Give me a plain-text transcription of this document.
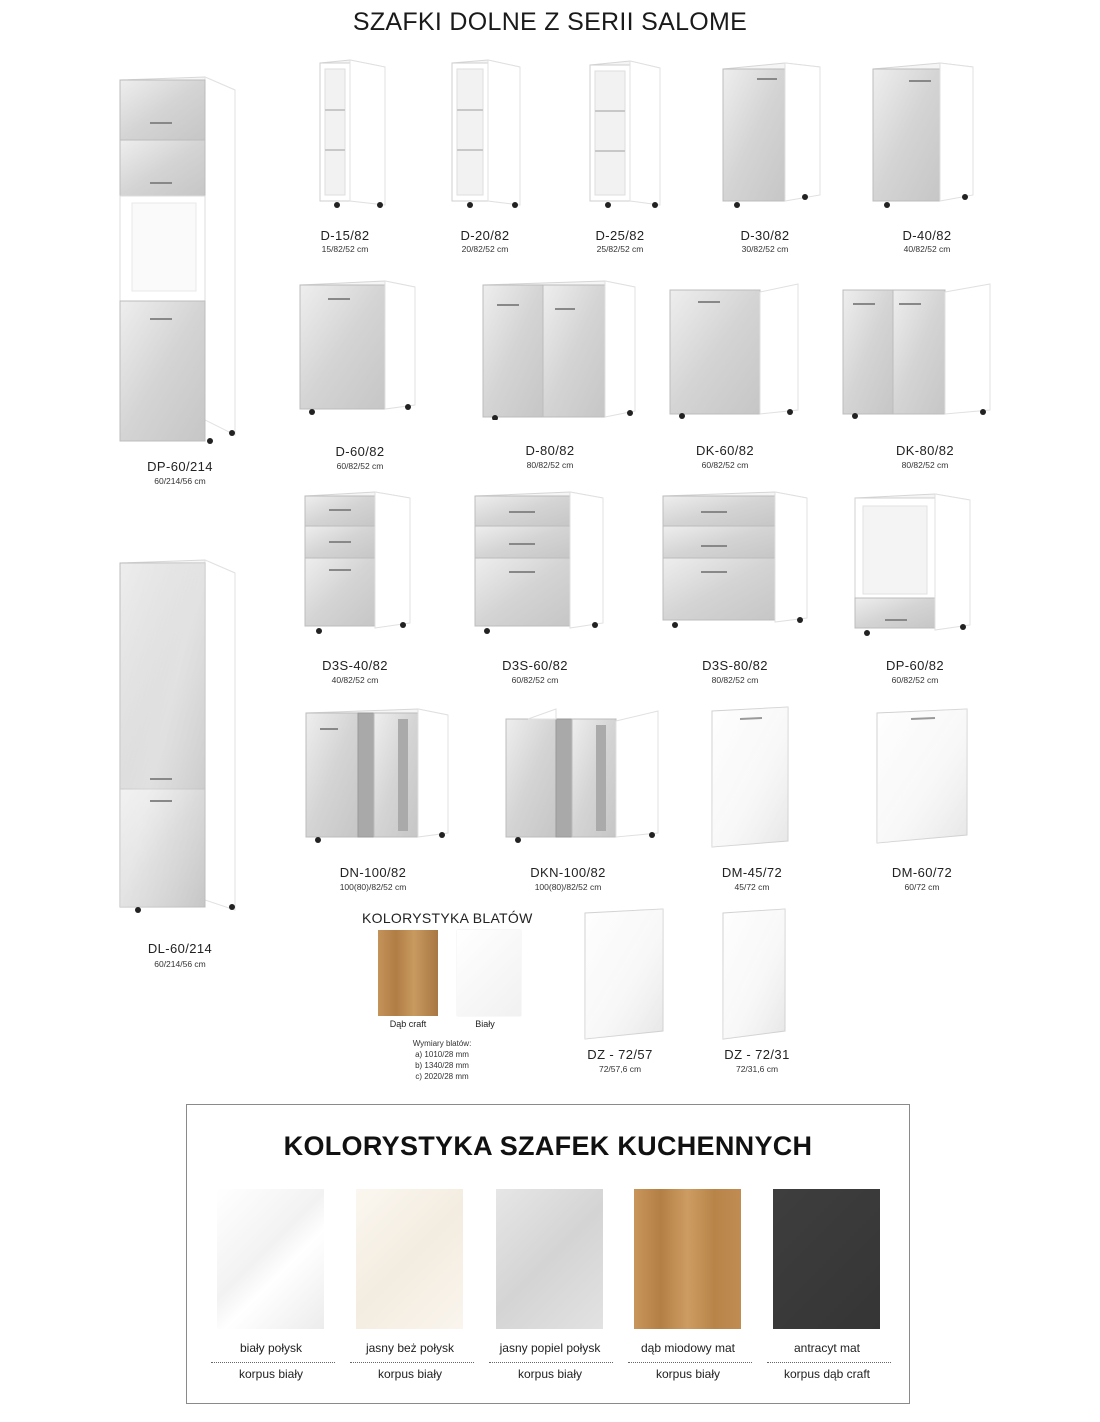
SZAFKI DOLNE Z SERII SALOME
DP-60/214
60/214/56 cm
DL-60/214
60/214/56 cm
D-15/82
15/82/52 cm
D-20/82
20/82/52 cm
D-25/82
25/82/52 cm
D-30/82
30/82/52 cm
D-40/82
40/82/52 cm
D-60/82
60/82/52 cm
D-80/82
80/82/52 cm
DK-60/82
60/82/52 cm
DK-80/82
80/82/52 cm
D3S-40/82
40/82/52 cm
D3S-60/82
60/82/52 cm
D3S-80/82
80/82/52 cm
DP-60/82
60/82/52 cm
DN-100/82
100(80)/82/52 cm
DKN-100/82
100(80)/82/52 cm
DM-45/72
45/72 cm
DM-60/72
60/72 cm
KOLORYSTYKA BLATÓW
Dąb craft	Biały
Wymiary blatów:
a) 1010/28 mm
b) 1340/28 mm
c) 2020/28 mm
DZ - 72/57
72/57,6 cm
DZ - 72/31
72/31,6 cm
KOLORYSTYKA SZAFEK KUCHENNYCH
biały połysk	jasny beż połysk	jasny popiel połysk	dąb miodowy mat	antracyt mat
korpus biały	korpus biały	korpus biały	korpus biały	korpus dąb craft
